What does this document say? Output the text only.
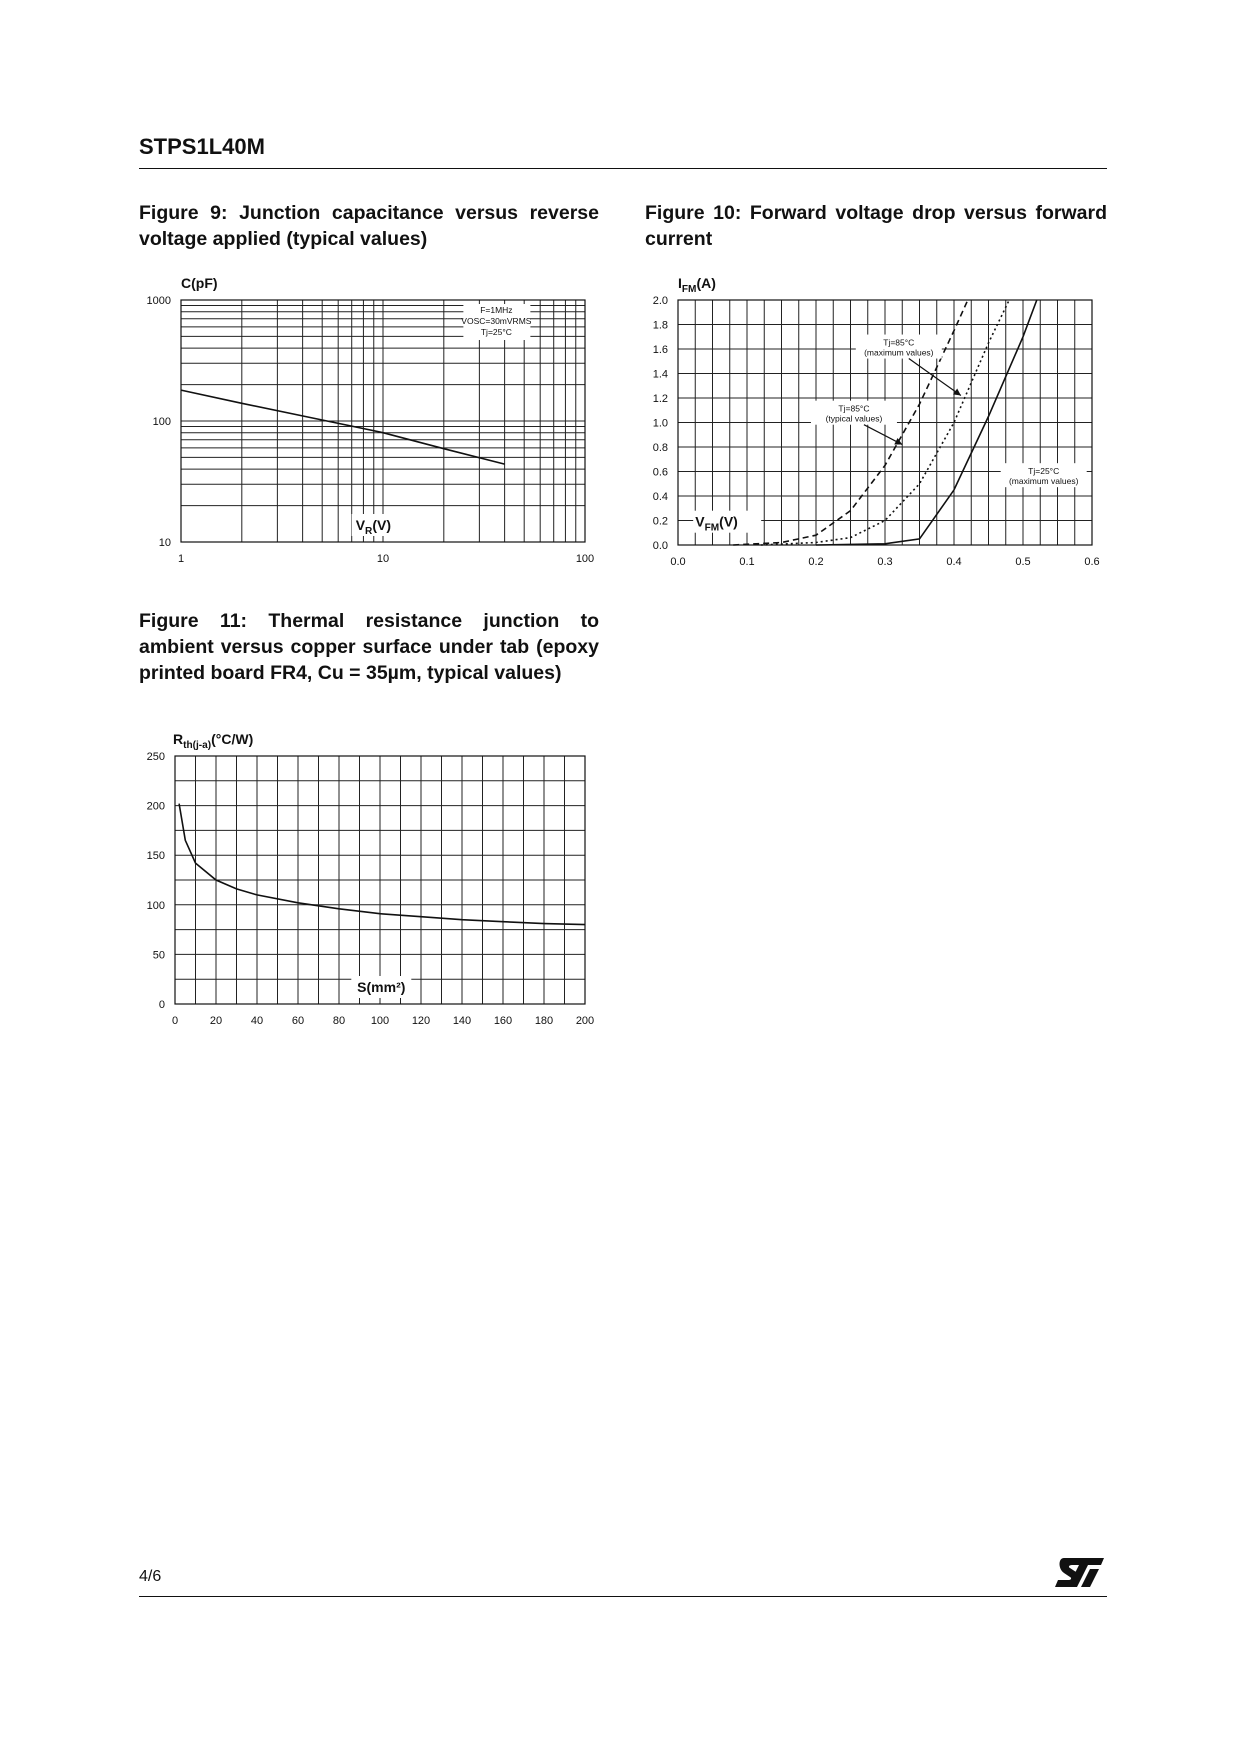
STPS1L40M
Figure 9: Junction capacitance versus reverse voltage applied (typical values)
Figure 10: Forward voltage drop versus forward current
Figure 11: Thermal resistance junction to ambient versus copper surface under tab (epoxy printed board FR4, Cu = 35µm, typical values)
1	10	100
10
100
1000
C(pF)
$V_R(V)$
F=1MHz
VOSC=30mVRMS
Tj=25°C
0.0	0.1	0.2	0.3	0.4	0.5	0.6
0.0
0.2
0.4
0.6
0.8
1.0
1.2
1.4
1.6
1.8
2.0
$I_{FM}(A)$
$V_{FM}(V)$
Tj=85°C
(maximum values)
Tj=85°C
(typical values)
Tj=25°C
(maximum values)
0	20	40	60	80 100 120 140 160 180 200
0
50
100
150
200
250
$R_{th(j-a)}(^\circ C/W)$
S(mm²)
4/6
